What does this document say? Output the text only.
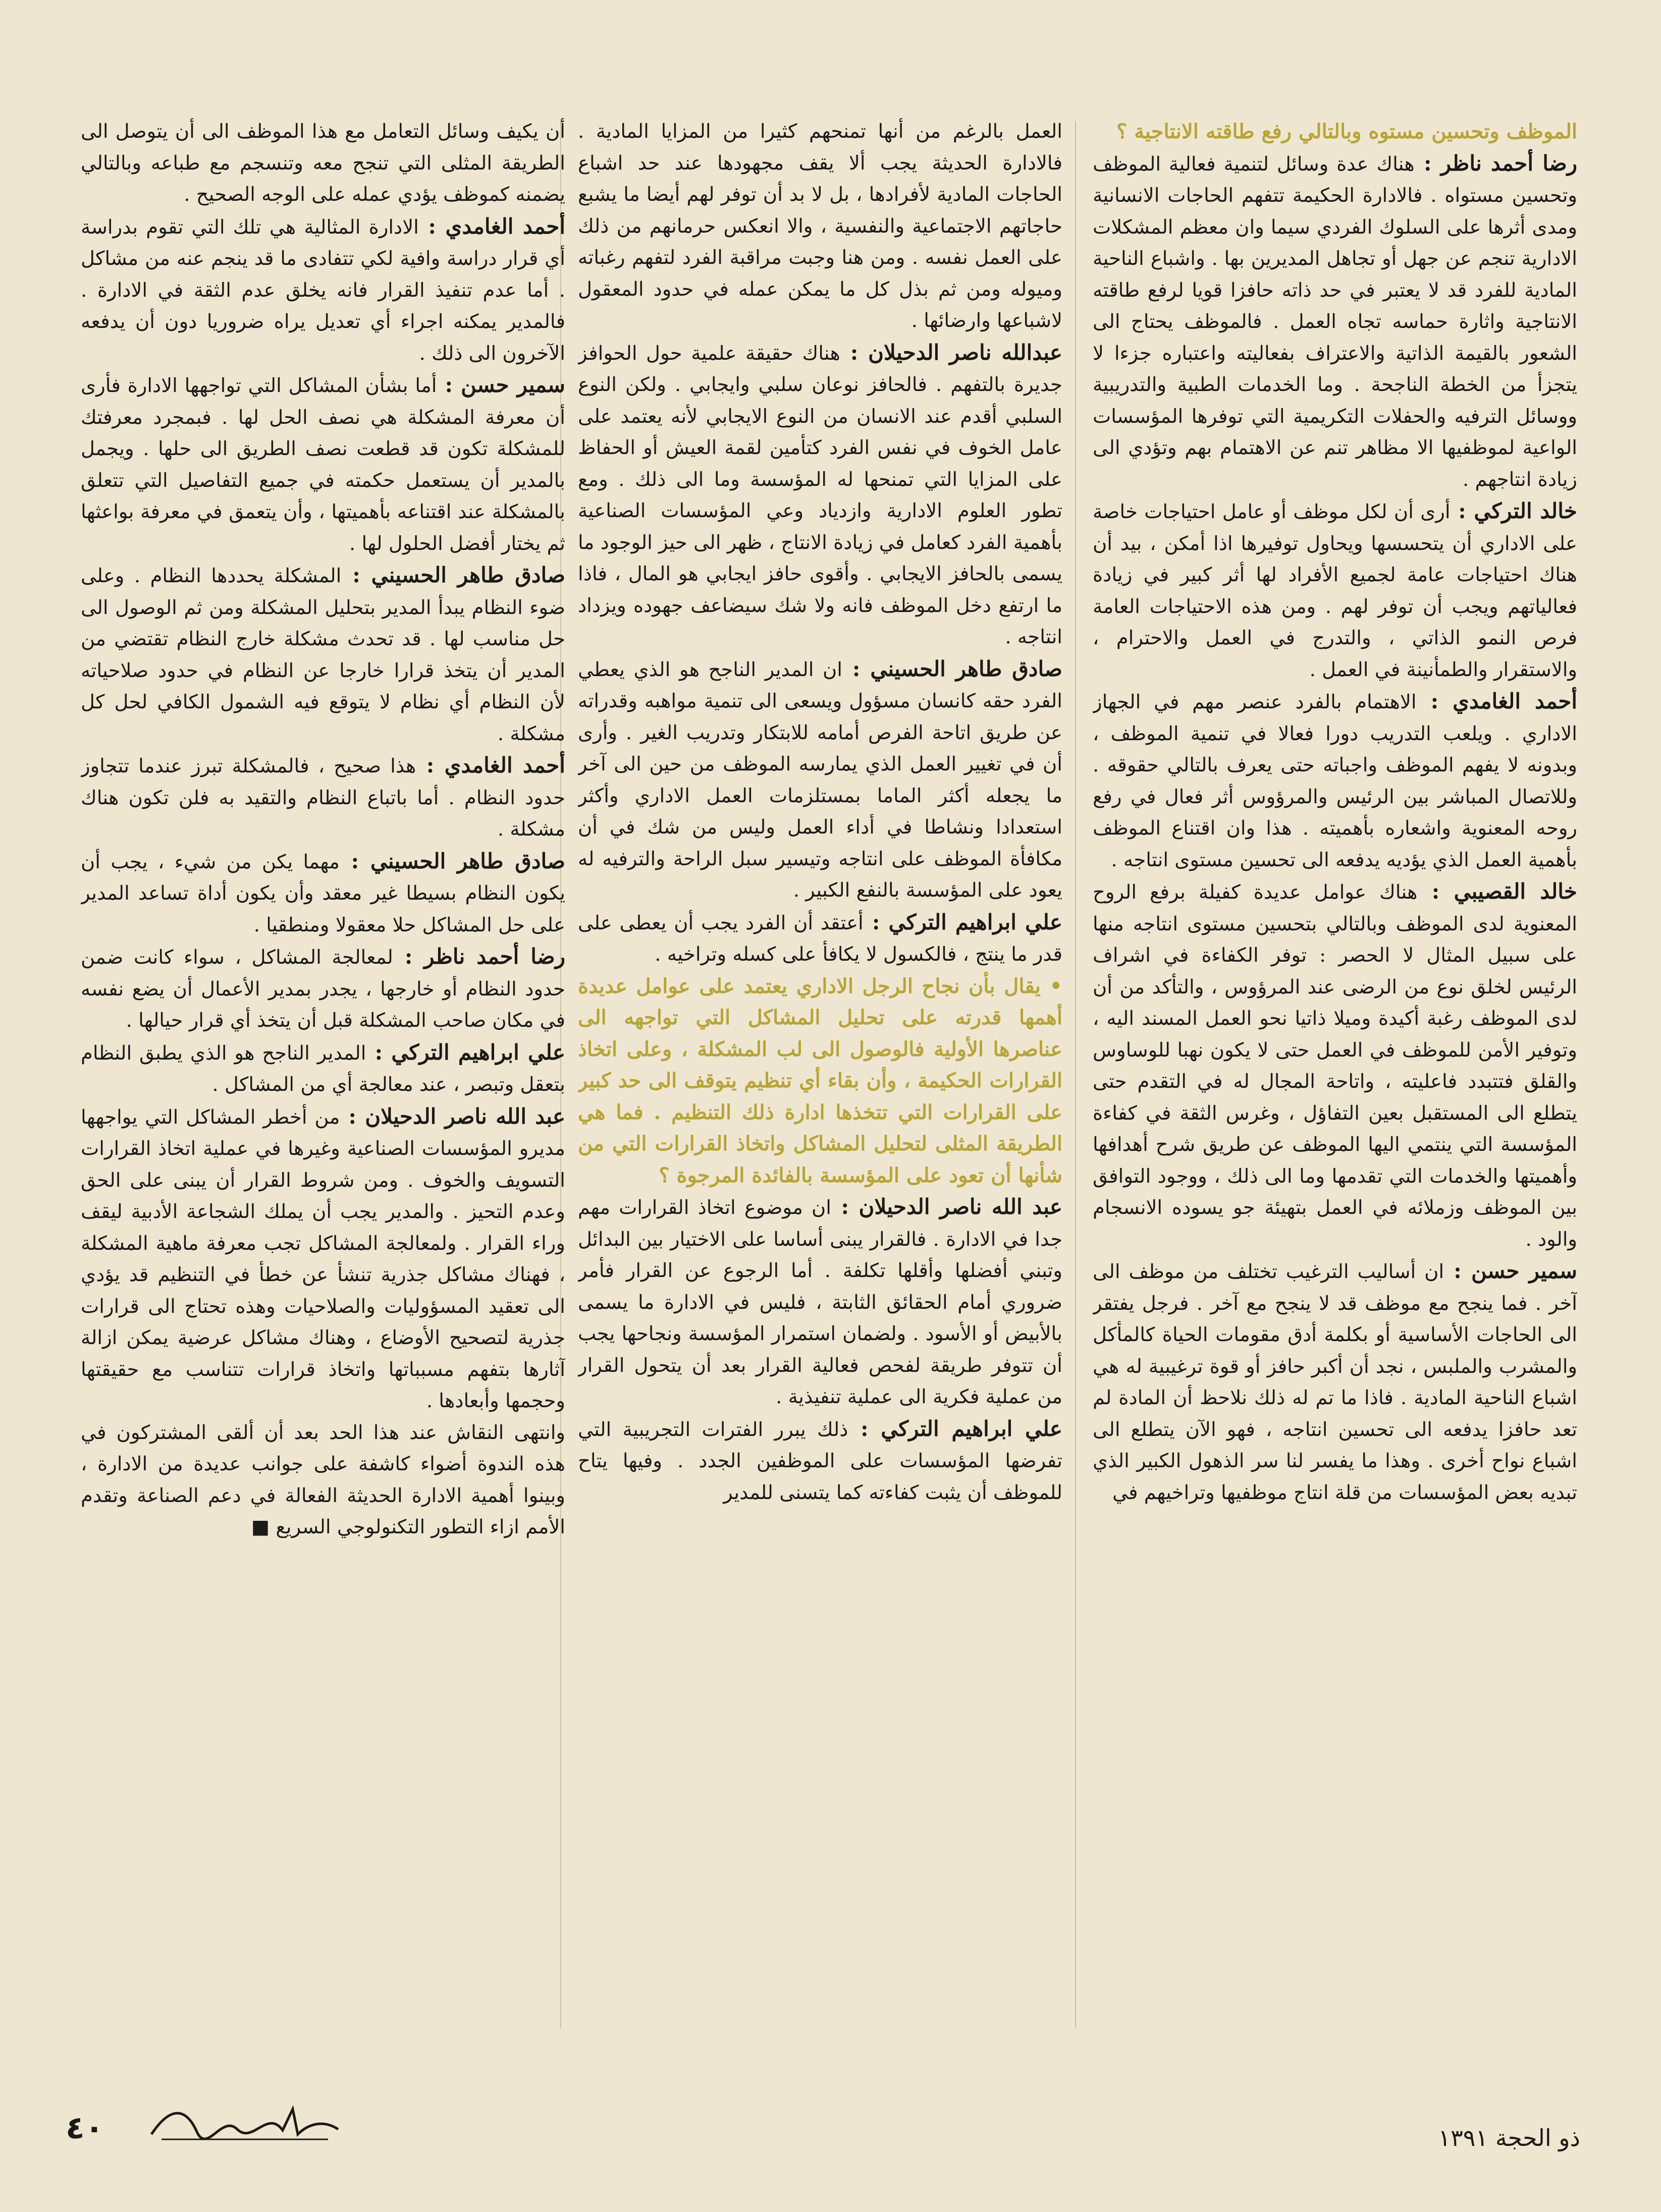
الموظف وتحسين مستوه وبالتالي رفع طاقته الانتاجية ؟

رضا أحمد ناظر : هناك عدة وسائل لتنمية فعالية الموظف وتحسين مستواه . فالادارة الحكيمة تتفهم الحاجات الانسانية ومدى أثرها على السلوك الفردي سيما وان معظم المشكلات الادارية تنجم عن جهل أو تجاهل المديرين بها . واشباع الناحية المادية للفرد قد لا يعتبر في حد ذاته حافزا قويا لرفع طاقته الانتاجية واثارة حماسه تجاه العمل . فالموظف يحتاج الى الشعور بالقيمة الذاتية والاعتراف بفعاليته واعتباره جزءا لا يتجزأ من الخطة الناجحة . وما الخدمات الطبية والتدريبية ووسائل الترفيه والحفلات التكريمية التي توفرها المؤسسات الواعية لموظفيها الا مظاهر تنم عن الاهتمام بهم وتؤدي الى زيادة انتاجهم .

خالد التركي : أرى أن لكل موظف أو عامل احتياجات خاصة على الاداري أن يتحسسها ويحاول توفيرها اذا أمكن ، بيد أن هناك احتياجات عامة لجميع الأفراد لها أثر كبير في زيادة فعالياتهم ويجب أن توفر لهم . ومن هذه الاحتياجات العامة فرص النمو الذاتي ، والتدرج في العمل والاحترام ، والاستقرار والطمأنينة في العمل .

أحمد الغامدي : الاهتمام بالفرد عنصر مهم في الجهاز الاداري . ويلعب التدريب دورا فعالا في تنمية الموظف ، وبدونه لا يفهم الموظف واجباته حتى يعرف بالتالي حقوقه . وللاتصال المباشر بين الرئيس والمرؤوس أثر فعال في رفع روحه المعنوية واشعاره بأهميته . هذا وان اقتناع الموظف بأهمية العمل الذي يؤديه يدفعه الى تحسين مستوى انتاجه .

خالد القصيبي : هناك عوامل عديدة كفيلة برفع الروح المعنوية لدى الموظف وبالتالي بتحسين مستوى انتاجه منها على سبيل المثال لا الحصر : توفر الكفاءة في اشراف الرئيس لخلق نوع من الرضى عند المرؤوس ، والتأكد من أن لدى الموظف رغبة أكيدة وميلا ذاتيا نحو العمل المسند اليه ، وتوفير الأمن للموظف في العمل حتى لا يكون نهبا للوساوس والقلق فتتبدد فاعليته ، واتاحة المجال له في التقدم حتى يتطلع الى المستقبل بعين التفاؤل ، وغرس الثقة في كفاءة المؤسسة التي ينتمي اليها الموظف عن طريق شرح أهدافها وأهميتها والخدمات التي تقدمها وما الى ذلك ، ووجود التوافق بين الموظف وزملائه في العمل بتهيئة جو يسوده الانسجام والود .

سمير حسن : ان أساليب الترغيب تختلف من موظف الى آخر . فما ينجح مع موظف قد لا ينجح مع آخر . فرجل يفتقر الى الحاجات الأساسية أو بكلمة أدق مقومات الحياة كالمأكل والمشرب والملبس ، نجد أن أكبر حافز أو قوة ترغيبية له هي اشباع الناحية المادية . فاذا ما تم له ذلك نلاحظ أن المادة لم تعد حافزا يدفعه الى تحسين انتاجه ، فهو الآن يتطلع الى اشباع نواح أخرى . وهذا ما يفسر لنا سر الذهول الكبير الذي تبديه بعض المؤسسات من قلة انتاج موظفيها وتراخيهم في

العمل بالرغم من أنها تمنحهم كثيرا من المزايا المادية . فالادارة الحديثة يجب ألا يقف مجهودها عند حد اشباع الحاجات المادية لأفرادها ، بل لا بد أن توفر لهم أيضا ما يشبع حاجاتهم الاجتماعية والنفسية ، والا انعكس حرمانهم من ذلك على العمل نفسه . ومن هنا وجبت مراقبة الفرد لتفهم رغباته وميوله ومن ثم بذل كل ما يمكن عمله في حدود المعقول لاشباعها وارضائها .

عبدالله ناصر الدحيلان : هناك حقيقة علمية حول الحوافز جديرة بالتفهم . فالحافز نوعان سلبي وايجابي . ولكن النوع السلبي أقدم عند الانسان من النوع الايجابي لأنه يعتمد على عامل الخوف في نفس الفرد كتأمين لقمة العيش أو الحفاظ على المزايا التي تمنحها له المؤسسة وما الى ذلك . ومع تطور العلوم الادارية وازدياد وعي المؤسسات الصناعية بأهمية الفرد كعامل في زيادة الانتاج ، ظهر الى حيز الوجود ما يسمى بالحافز الايجابي . وأقوى حافز ايجابي هو المال ، فاذا ما ارتفع دخل الموظف فانه ولا شك سيضاعف جهوده ويزداد انتاجه .

صادق طاهر الحسيني : ان المدير الناجح هو الذي يعطي الفرد حقه كانسان مسؤول ويسعى الى تنمية مواهبه وقدراته عن طريق اتاحة الفرص أمامه للابتكار وتدريب الغير . وأرى أن في تغيير العمل الذي يمارسه الموظف من حين الى آخر ما يجعله أكثر الماما بمستلزمات العمل الاداري وأكثر استعدادا ونشاطا في أداء العمل وليس من شك في أن مكافأة الموظف على انتاجه وتيسير سبل الراحة والترفيه له يعود على المؤسسة بالنفع الكبير .

علي ابراهيم التركي : أعتقد أن الفرد يجب أن يعطى على قدر ما ينتج ، فالكسول لا يكافأ على كسله وتراخيه .

• يقال بأن نجاح الرجل الاداري يعتمد على عوامل عديدة أهمها قدرته على تحليل المشاكل التي تواجهه الى عناصرها الأولية فالوصول الى لب المشكلة ، وعلى اتخاذ القرارات الحكيمة ، وأن بقاء أي تنظيم يتوقف الى حد كبير على القرارات التي تتخذها ادارة ذلك التنظيم . فما هي الطريقة المثلى لتحليل المشاكل واتخاذ القرارات التي من شأنها أن تعود على المؤسسة بالفائدة المرجوة ؟

عبد الله ناصر الدحيلان : ان موضوع اتخاذ القرارات مهم جدا في الادارة . فالقرار يبنى أساسا على الاختيار بين البدائل وتبني أفضلها وأقلها تكلفة . أما الرجوع عن القرار فأمر ضروري أمام الحقائق الثابتة ، فليس في الادارة ما يسمى بالأبيض أو الأسود . ولضمان استمرار المؤسسة ونجاحها يجب أن تتوفر طريقة لفحص فعالية القرار بعد أن يتحول القرار من عملية فكرية الى عملية تنفيذية .

علي ابراهيم التركي : ذلك يبرر الفترات التجريبية التي تفرضها المؤسسات على الموظفين الجدد . وفيها يتاح للموظف أن يثبت كفاءته كما يتسنى للمدير

أن يكيف وسائل التعامل مع هذا الموظف الى أن يتوصل الى الطريقة المثلى التي تنجح معه وتنسجم مع طباعه وبالتالي يضمنه كموظف يؤدي عمله على الوجه الصحيح .

أحمد الغامدي : الادارة المثالية هي تلك التي تقوم بدراسة أي قرار دراسة وافية لكي تتفادى ما قد ينجم عنه من مشاكل . أما عدم تنفيذ القرار فانه يخلق عدم الثقة في الادارة . فالمدير يمكنه اجراء أي تعديل يراه ضروريا دون أن يدفعه الآخرون الى ذلك .

سمير حسن : أما بشأن المشاكل التي تواجهها الادارة فأرى أن معرفة المشكلة هي نصف الحل لها . فبمجرد معرفتك للمشكلة تكون قد قطعت نصف الطريق الى حلها . ويجمل بالمدير أن يستعمل حكمته في جميع التفاصيل التي تتعلق بالمشكلة عند اقتناعه بأهميتها ، وأن يتعمق في معرفة بواعثها ثم يختار أفضل الحلول لها .

صادق طاهر الحسيني : المشكلة يحددها النظام . وعلى ضوء النظام يبدأ المدير بتحليل المشكلة ومن ثم الوصول الى حل مناسب لها . قد تحدث مشكلة خارج النظام تقتضي من المدير أن يتخذ قرارا خارجا عن النظام في حدود صلاحياته لأن النظام أي نظام لا يتوقع فيه الشمول الكافي لحل كل مشكلة .

أحمد الغامدي : هذا صحيح ، فالمشكلة تبرز عندما تتجاوز حدود النظام . أما باتباع النظام والتقيد به فلن تكون هناك مشكلة .

صادق طاهر الحسيني : مهما يكن من شيء ، يجب أن يكون النظام بسيطا غير معقد وأن يكون أداة تساعد المدير على حل المشاكل حلا معقولا ومنطقيا .

رضا أحمد ناظر : لمعالجة المشاكل ، سواء كانت ضمن حدود النظام أو خارجها ، يجدر بمدير الأعمال أن يضع نفسه في مكان صاحب المشكلة قبل أن يتخذ أي قرار حيالها .

علي ابراهيم التركي : المدير الناجح هو الذي يطبق النظام بتعقل وتبصر ، عند معالجة أي من المشاكل .

عبد الله ناصر الدحيلان : من أخطر المشاكل التي يواجهها مديرو المؤسسات الصناعية وغيرها في عملية اتخاذ القرارات التسويف والخوف . ومن شروط القرار أن يبنى على الحق وعدم التحيز . والمدير يجب أن يملك الشجاعة الأدبية ليقف وراء القرار . ولمعالجة المشاكل تجب معرفة ماهية المشكلة ، فهناك مشاكل جذرية تنشأ عن خطأ في التنظيم قد يؤدي الى تعقيد المسؤوليات والصلاحيات وهذه تحتاج الى قرارات جذرية لتصحيح الأوضاع ، وهناك مشاكل عرضية يمكن ازالة آثارها بتفهم مسبباتها واتخاذ قرارات تتناسب مع حقيقتها وحجمها وأبعادها .

وانتهى النقاش عند هذا الحد بعد أن ألقى المشتركون في هذه الندوة أضواء كاشفة على جوانب عديدة من الادارة ، وبينوا أهمية الادارة الحديثة الفعالة في دعم الصناعة وتقدم الأمم ازاء التطور التكنولوجي السريع ■

٤٠	ذو الحجة ١٣٩١
